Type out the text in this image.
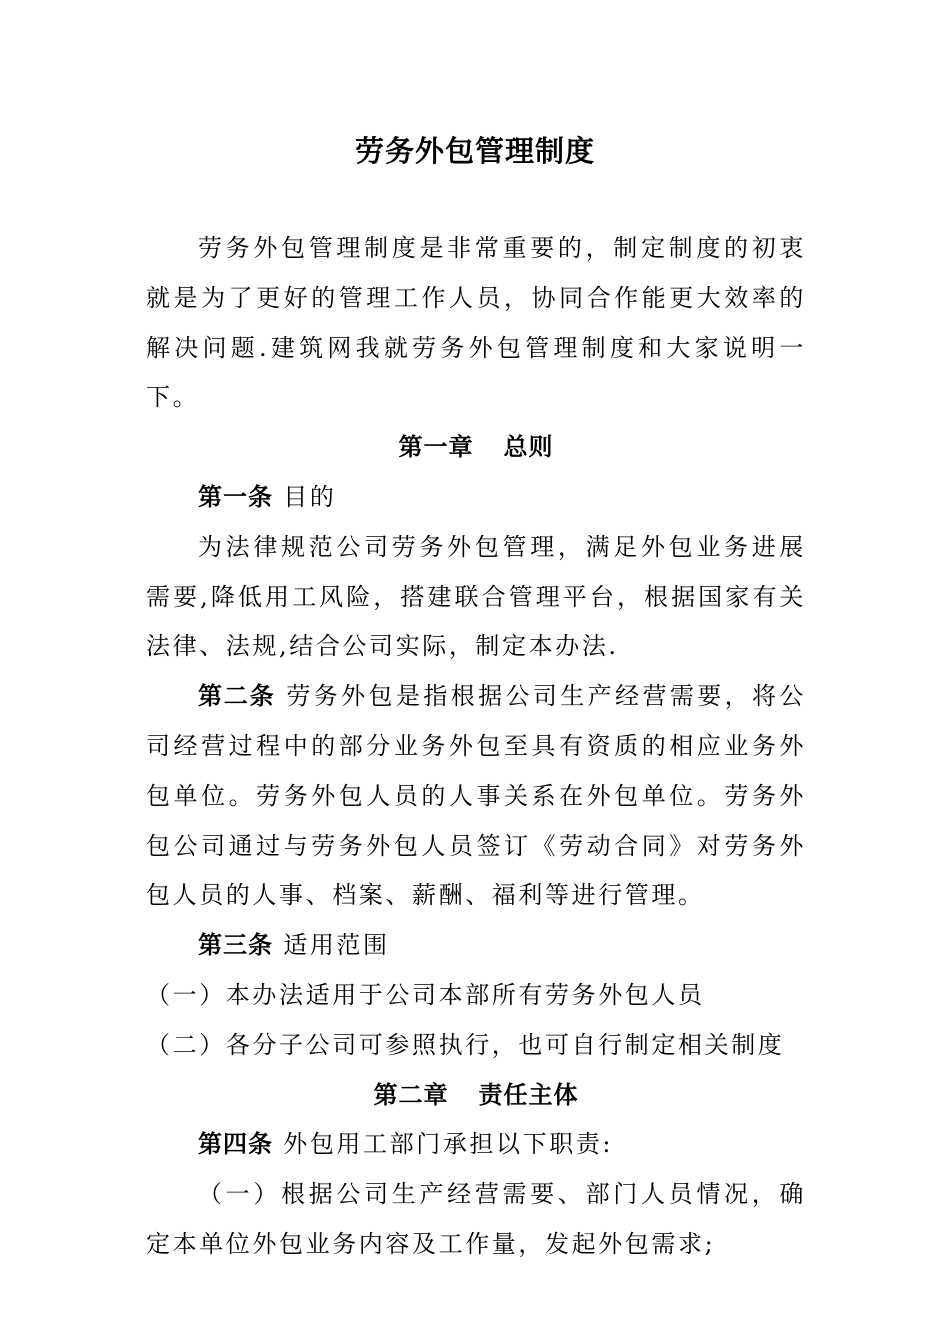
劳务外包管理制度

劳务外包管理制度是非常重要的，制定制度的初衷就是为了更好的管理工作人员，协同合作能更大效率的解决问题.建筑网我就劳务外包管理制度和大家说明一下。

第一章 总则

第一条 目的

为法律规范公司劳务外包管理，满足外包业务进展需要,降低用工风险，搭建联合管理平台，根据国家有关法律、法规,结合公司实际，制定本办法.

第二条 劳务外包是指根据公司生产经营需要，将公司经营过程中的部分业务外包至具有资质的相应业务外包单位。劳务外包人员的人事关系在外包单位。劳务外包公司通过与劳务外包人员签订《劳动合同》对劳务外包人员的人事、档案、薪酬、福利等进行管理。

第三条 适用范围

（一）本办法适用于公司本部所有劳务外包人员

（二）各分子公司可参照执行，也可自行制定相关制度

第二章 责任主体

第四条 外包用工部门承担以下职责:

（一）根据公司生产经营需要、部门人员情况，确定本单位外包业务内容及工作量，发起外包需求;
